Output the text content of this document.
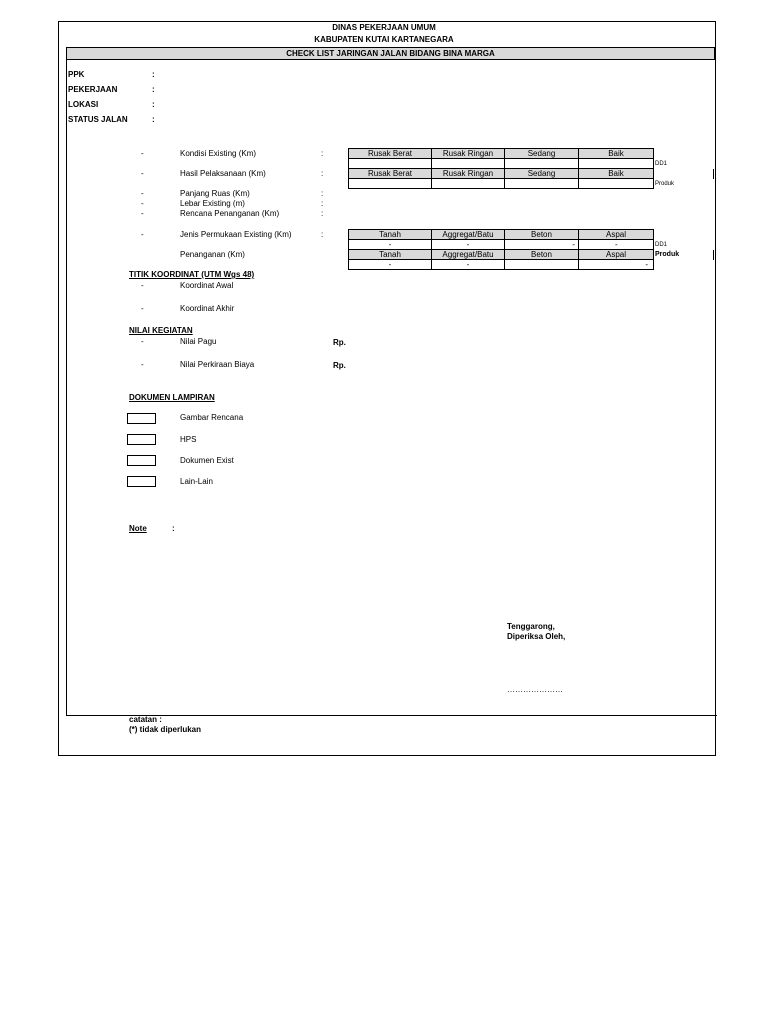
DINAS PEKERJAAN UMUM
KABUPATEN KUTAI KARTANEGARA
CHECK LIST JARINGAN JALAN BIDANG BINA MARGA
PPK	:
PEKERJAAN	:
LOKASI	:
STATUS JALAN	:
-	Kondisi Existing (Km)	:	Rusak Berat	Rusak Ringan	Sedang	Baik

DD1
-	Hasil Pelaksanaan (Km)	:	Rusak Berat	Rusak Ringan	Sedang	Baik

Produk
-	Panjang Ruas (Km)	:
-	Lebar Existing (m)	:
-	Rencana Penanganan (Km)	:
-	Jenis Permukaan Existing (Km)	:
Penanganan (Km)
Tanah	Aggregat/Batu	Beton	Aspal
-	-	-	-
Tanah	Aggregat/Batu	Beton	Aspal
-	-		-
DD1
Produk
TITIK KOORDINAT (UTM Wgs 48)
-	Koordinat Awal
-	Koordinat Akhir
NILAI KEGIATAN
-	Nilai Pagu	Rp.
-	Nilai Perkiraan Biaya	Rp.
DOKUMEN LAMPIRAN
Gambar Rencana
HPS
Dokumen Exist
Lain-Lain
Note	:
Tenggarong,
Diperiksa Oleh,
…………………
catatan :
(*) tidak diperlukan
